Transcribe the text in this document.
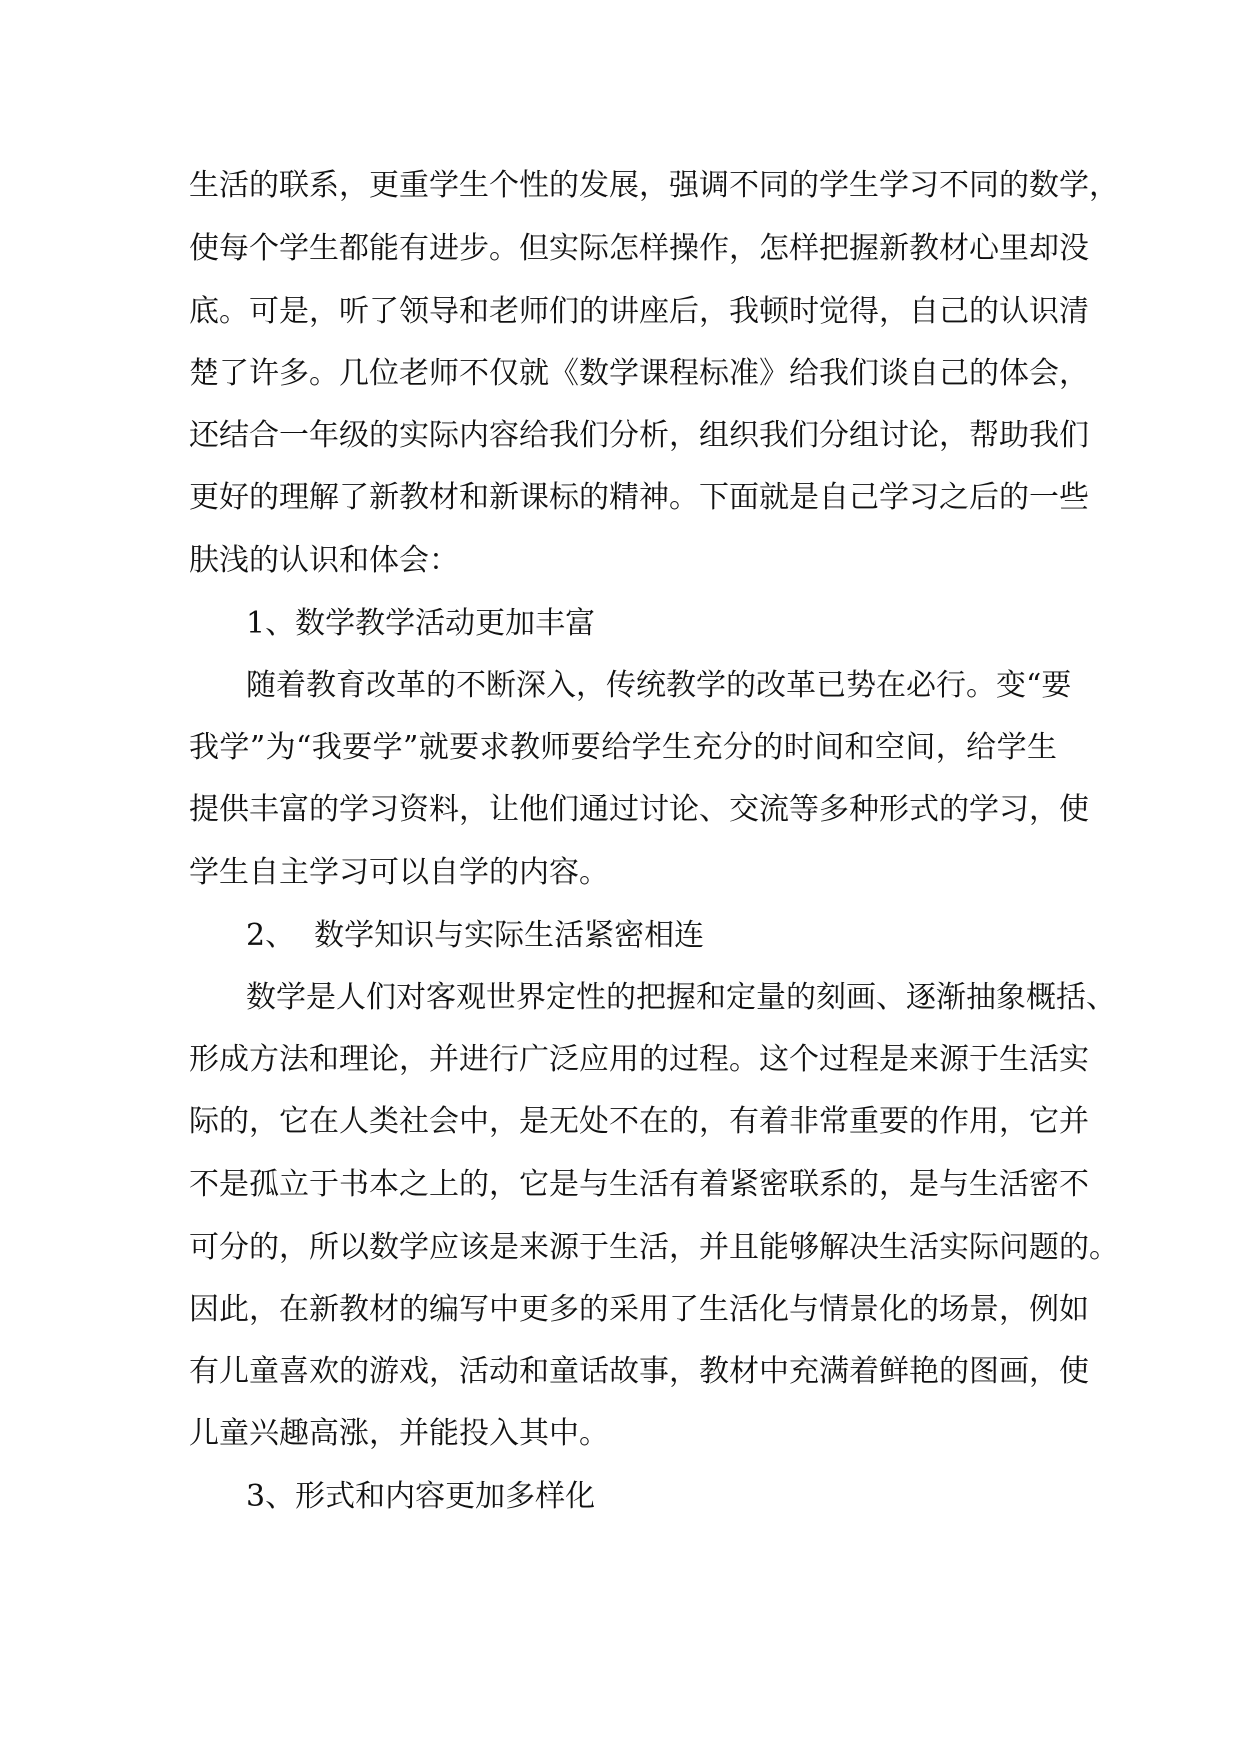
生活的联系，更重学生个性的发展，强调不同的学生学习不同的数学，
使每个学生都能有进步。但实际怎样操作，怎样把握新教材心里却没
底。可是，听了领导和老师们的讲座后，我顿时觉得，自己的认识清
楚了许多。几位老师不仅就《数学课程标准》给我们谈自己的体会，
还结合一年级的实际内容给我们分析，组织我们分组讨论，帮助我们
更好的理解了新教材和新课标的精神。下面就是自己学习之后的一些
肤浅的认识和体会：
1、数学教学活动更加丰富
随着教育改革的不断深入，传统教学的改革已势在必行。变“要
我学”为“我要学”就要求教师要给学生充分的时间和空间，给学生
提供丰富的学习资料，让他们通过讨论、交流等多种形式的学习，使
学生自主学习可以自学的内容。
2、  数学知识与实际生活紧密相连
数学是人们对客观世界定性的把握和定量的刻画、逐渐抽象概括、
形成方法和理论，并进行广泛应用的过程。这个过程是来源于生活实
际的，它在人类社会中，是无处不在的，有着非常重要的作用，它并
不是孤立于书本之上的，它是与生活有着紧密联系的，是与生活密不
可分的，所以数学应该是来源于生活，并且能够解决生活实际问题的。
因此，在新教材的编写中更多的采用了生活化与情景化的场景，例如
有儿童喜欢的游戏，活动和童话故事，教材中充满着鲜艳的图画，使
儿童兴趣高涨，并能投入其中。
3、形式和内容更加多样化
